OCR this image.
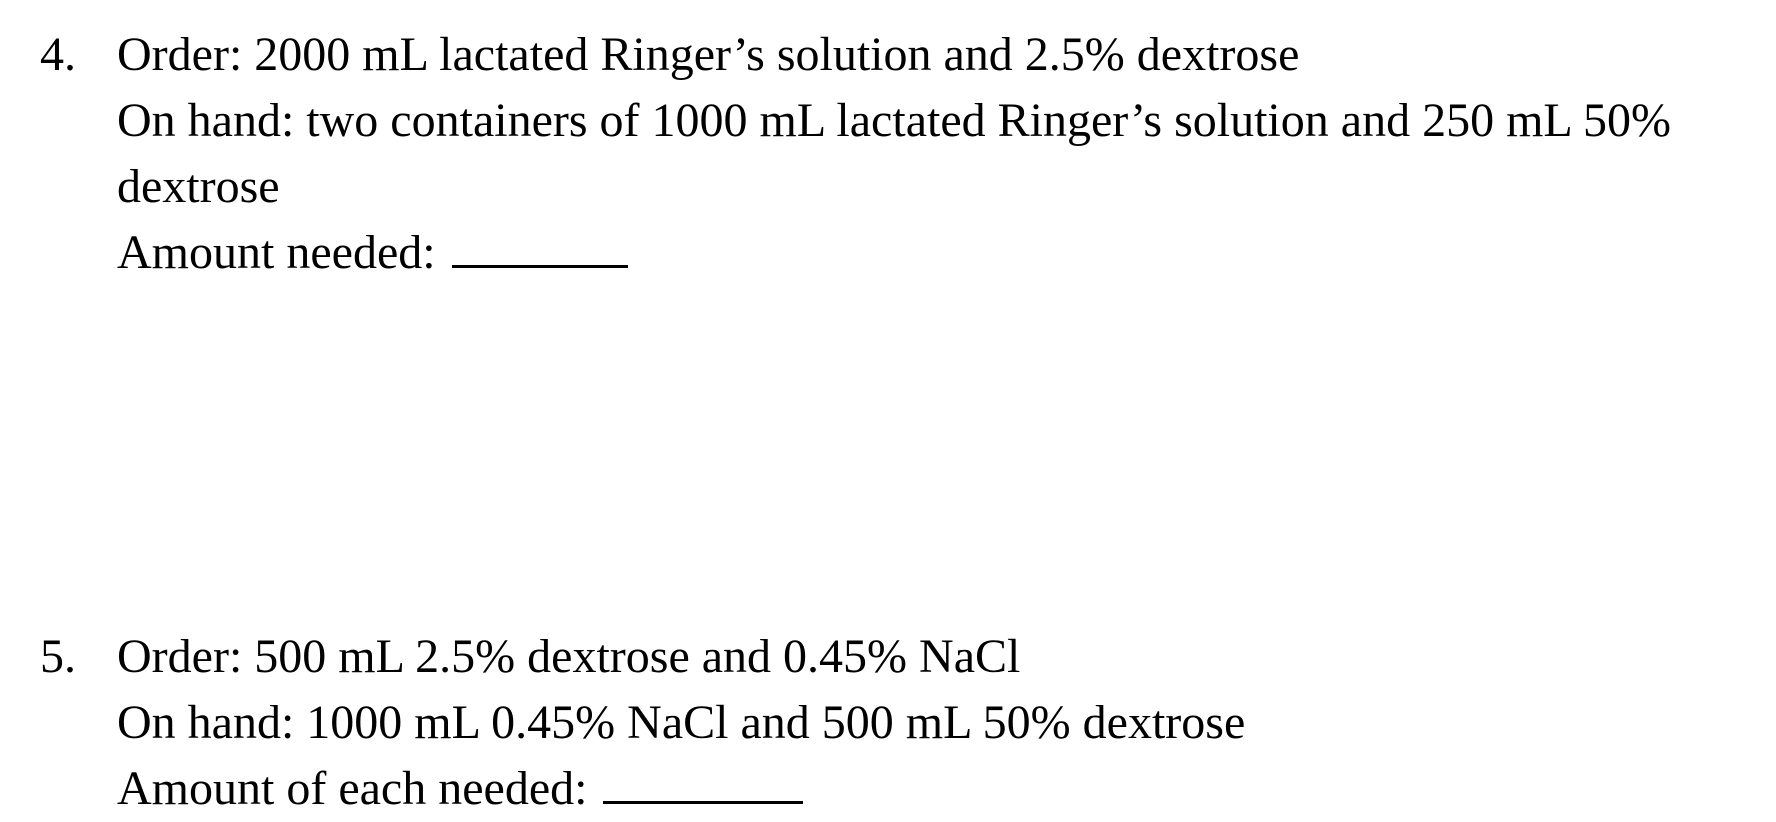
4. Order: 2000 mL lactated Ringer’s solution and 2.5% dextrose
On hand: two containers of 1000 mL lactated Ringer’s solution and 250 mL 50%
dextrose
Amount needed:
5. Order: 500 mL 2.5% dextrose and 0.45% NaCl
On hand: 1000 mL 0.45% NaCl and 500 mL 50% dextrose
Amount of each needed:
